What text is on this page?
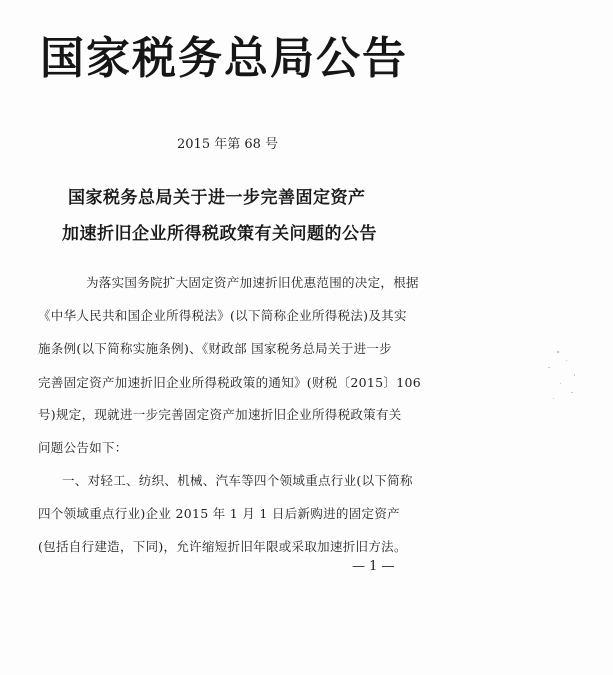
国家税务总局公告
2015 年第 68 号
国家税务总局关于进一步完善固定资产
加速折旧企业所得税政策有关问题的公告
为落实国务院扩大固定资产加速折旧优惠范围的决定，根据
《中华人民共和国企业所得税法》(以下简称企业所得税法)及其实
施条例(以下简称实施条例)、《财政部 国家税务总局关于进一步
完善固定资产加速折旧企业所得税政策的通知》(财税〔2015〕106
号)规定，现就进一步完善固定资产加速折旧企业所得税政策有关
问题公告如下：
一、对轻工、纺织、机械、汽车等四个领域重点行业(以下简称
四个领域重点行业)企业 2015 年 1 月 1 日后新购进的固定资产
(包括自行建造，下同)，允许缩短折旧年限或采取加速折旧方法。
— 1 —
